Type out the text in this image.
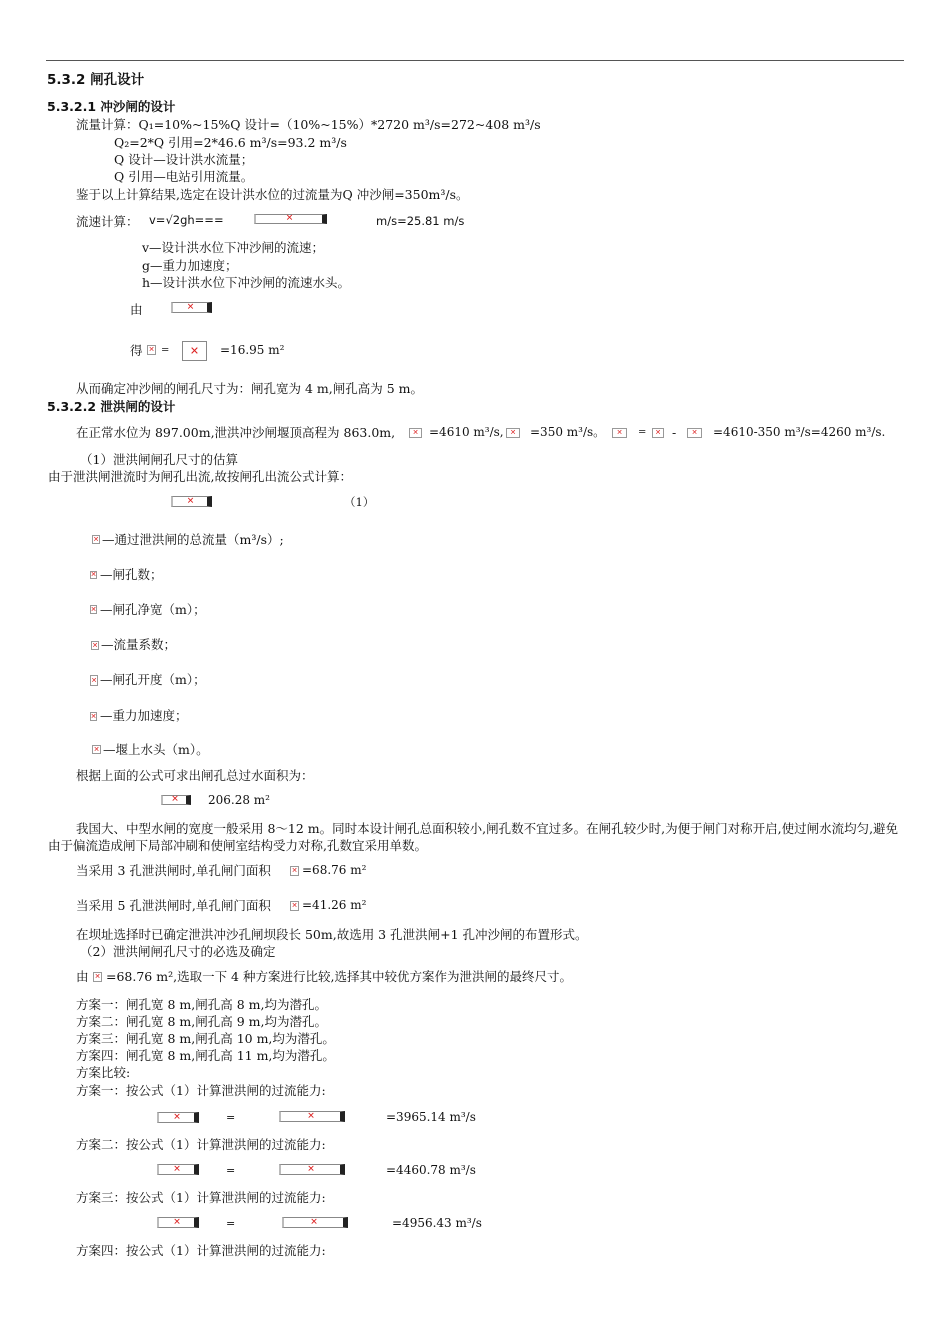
5.3.2 闸孔设计
5.3.2.1 冲沙闸的设计
流量计算：Q₁=10%~15%Q 设计=（10%~15%）*2720 m³/s=272~408 m³/s
Q₂=2*Q 引用=2*46.6 m³/s=93.2 m³/s
Q 设计—设计洪水流量；
Q 引用—电站引用流量。
鉴于以上计算结果,选定在设计洪水位的过流量为Q 冲沙闸=350m³/s。
流速计算： v=√2gh===	✕	m/s=25.81 m/s
v—设计洪水位下冲沙闸的流速；
g—重力加速度；
h—设计洪水位下冲沙闸的流速水头。
由	✕
得 ✕ = ✕ =16.95 m²
从而确定冲沙闸的闸孔尺寸为：闸孔宽为 4 m,闸孔高为 5 m。
5.3.2.2 泄洪闸的设计
在正常水位为 897.00m,泄洪冲沙闸堰顶高程为 863.0m, ✕ =4610 m³/s, ✕ =350 m³/s。 ✕ = ✕ - ✕ =4610-350 m³/s=4260 m³/s.
（1）泄洪闸闸孔尺寸的估算
由于泄洪闸泄流时为闸孔出流,故按闸孔出流公式计算：
✕	（1）
✕ —通过泄洪闸的总流量（m³/s）;
✕ —闸孔数；
✕ —闸孔净宽（m）；
✕ —流量系数；
✕ —闸孔开度（m）；
✕ —重力加速度；
✕ —堰上水头（m）。
根据上面的公式可求出闸孔总过水面积为：
✕	206.28 m²
我国大、中型水闸的宽度一般采用 8～12 m。同时本设计闸孔总面积较小,闸孔数不宜过多。在闸孔较少时,为便于闸门对称开启,使过闸水流均匀,避免由于偏流造成闸下局部冲刷和使闸室结构受力对称,孔数宜采用单数。
当采用 3 孔泄洪闸时,单孔闸门面积	✕ =68.76 m²
当采用 5 孔泄洪闸时,单孔闸门面积	✕ =41.26 m²
在坝址选择时已确定泄洪冲沙孔闸坝段长 50m,故选用 3 孔泄洪闸+1 孔冲沙闸的布置形式。
（2）泄洪闸闸孔尺寸的必选及确定
由 ✕ =68.76 m²,选取一下 4 种方案进行比较,选择其中较优方案作为泄洪闸的最终尺寸。
方案一：闸孔宽 8 m,闸孔高 8 m,均为潜孔。
方案二：闸孔宽 8 m,闸孔高 9 m,均为潜孔。
方案三：闸孔宽 8 m,闸孔高 10 m,均为潜孔。
方案四：闸孔宽 8 m,闸孔高 11 m,均为潜孔。
方案比较:
方案一：按公式（1）计算泄洪闸的过流能力:
✕	=	✕	=3965.14 m³/s
方案二：按公式（1）计算泄洪闸的过流能力:
✕	=	✕	=4460.78 m³/s
方案三：按公式（1）计算泄洪闸的过流能力:
✕	=	✕	=4956.43 m³/s
方案四：按公式（1）计算泄洪闸的过流能力:
